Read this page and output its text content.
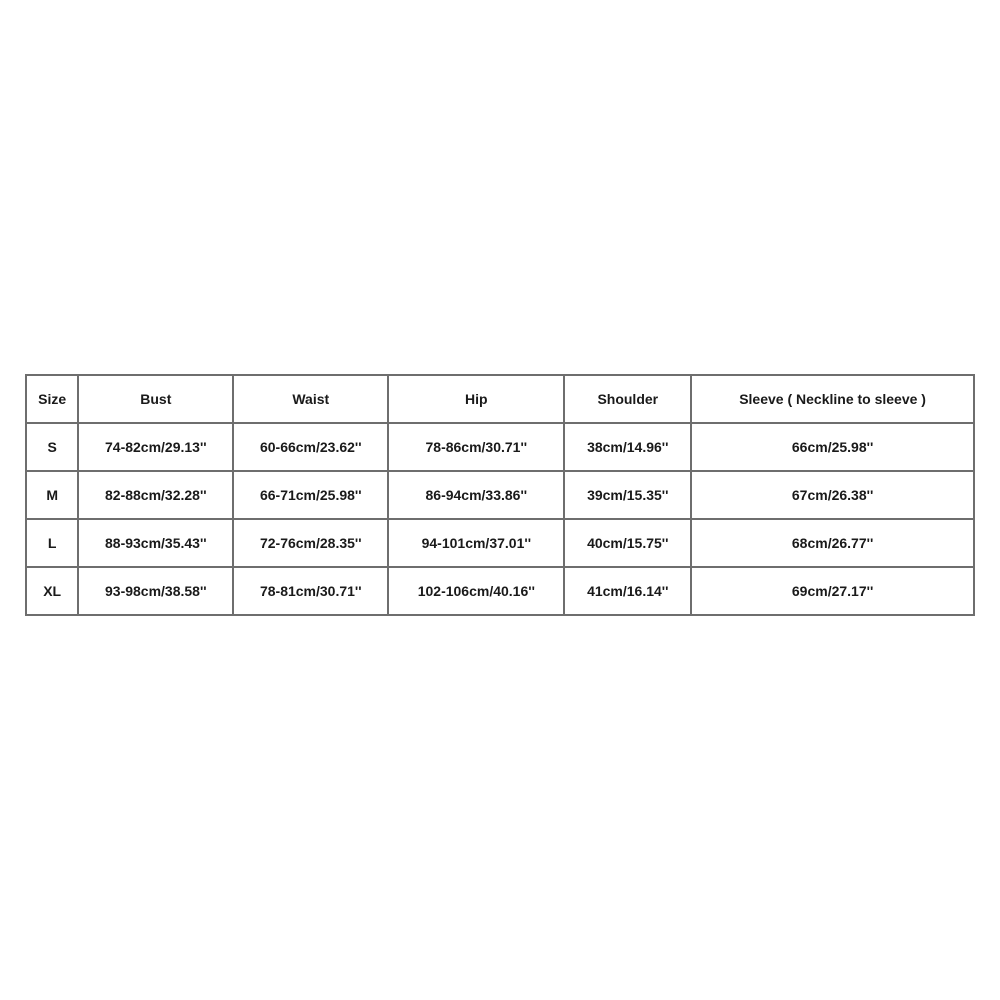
Size	Bust	Waist	Hip	Shoulder	Sleeve ( Neckline to sleeve )
S	74-82cm/29.13''	60-66cm/23.62''	78-86cm/30.71''	38cm/14.96''	66cm/25.98''
M	82-88cm/32.28''	66-71cm/25.98''	86-94cm/33.86''	39cm/15.35''	67cm/26.38''
L	88-93cm/35.43''	72-76cm/28.35''	94-101cm/37.01''	40cm/15.75''	68cm/26.77''
XL	93-98cm/38.58''	78-81cm/30.71''	102-106cm/40.16''	41cm/16.14''	69cm/27.17''
